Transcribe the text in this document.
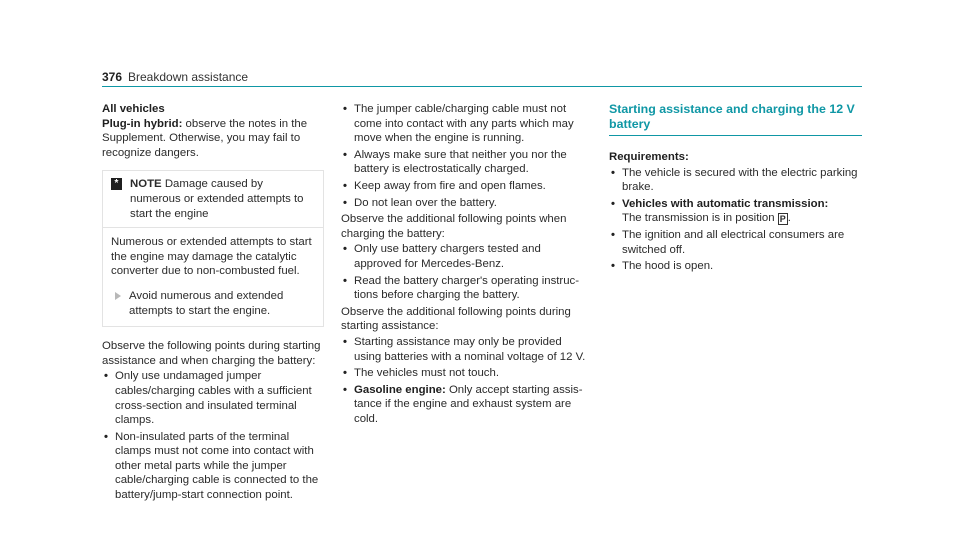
376 Breakdown assistance

All vehicles

Plug-in hybrid: observe the notes in the Supplement. Otherwise, you may fail to recognize dangers.

*	NOTE Damage caused by numerous or extended attempts to start the engine
Numerous or extended attempts to start the engine may damage the catalytic converter due to non-combusted fuel.
Avoid numerous and extended attempts to start the engine.

Observe the following points during starting assistance and when charging the battery:

• Only use undamaged jumper cables/charging cables with a sufficient cross-section and insulated terminal clamps.
• Non-insulated parts of the terminal clamps must not come into contact with other metal parts while the jumper cable/charging cable is connected to the battery/jump-start connection point.
• The jumper cable/charging cable must not come into contact with any parts which may move when the engine is running.
• Always make sure that neither you nor the battery is electrostatically charged.
• Keep away from fire and open flames.
• Do not lean over the battery.

Observe the additional following points when charging the battery:

• Only use battery chargers tested and approved for Mercedes-Benz.
• Read the battery charger's operating instructions before charging the battery.

Observe the additional following points during starting assistance:

• Starting assistance may only be provided using batteries with a nominal voltage of 12 V.
• The vehicles must not touch.
• Gasoline engine: Only accept starting assistance if the engine and exhaust system are cold.
Starting assistance and charging the 12 V battery

Requirements:

• The vehicle is secured with the electric parking brake.
• Vehicles with automatic transmission:
The transmission is in position P .
• The ignition and all electrical consumers are switched off.
• The hood is open.
